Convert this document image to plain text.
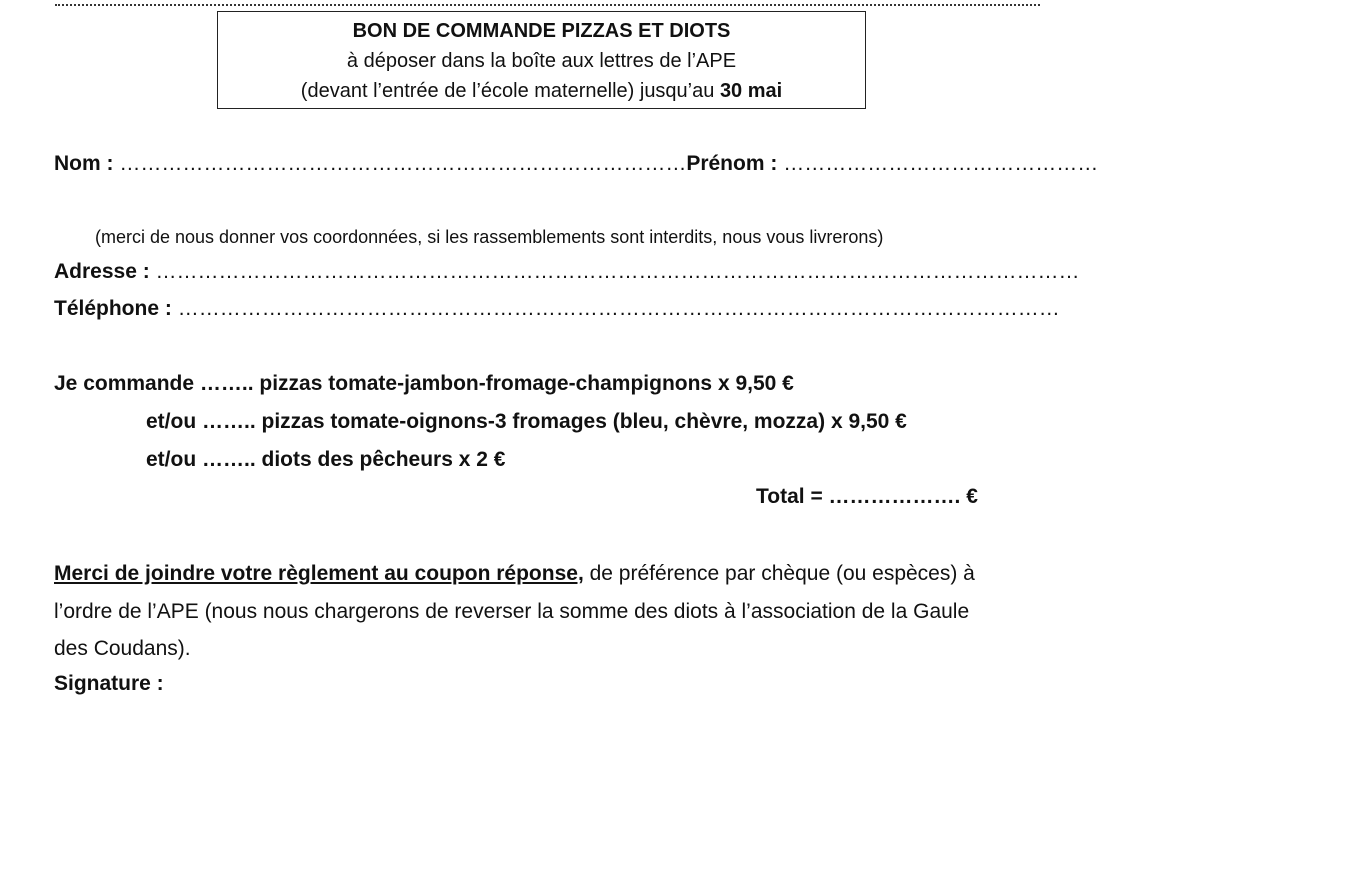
BON DE COMMANDE PIZZAS ET DIOTS
à déposer dans la boîte aux lettres de l’APE
(devant l’entrée de l’école maternelle) jusqu’au 30 mai
Nom : ………………………………………………………………………Prénom : ………………………………………
(merci de nous donner vos coordonnées, si les rassemblements sont interdits, nous vous livrerons)
Adresse : ……………………………………………………………………………………………………………………
Téléphone : ………………………………………………………………………………………………………………
Je commande …….. pizzas tomate-jambon-fromage-champignons x 9,50 €
et/ou …….. pizzas tomate-oignons-3 fromages (bleu, chèvre, mozza) x 9,50 €
et/ou …….. diots des pêcheurs x 2 €
Total = ………………. €
Merci de joindre votre règlement au coupon réponse, de préférence par chèque (ou espèces) à l’ordre de l’APE (nous nous chargerons de reverser la somme des diots à l’association de la Gaule des Coudans).
Signature :
